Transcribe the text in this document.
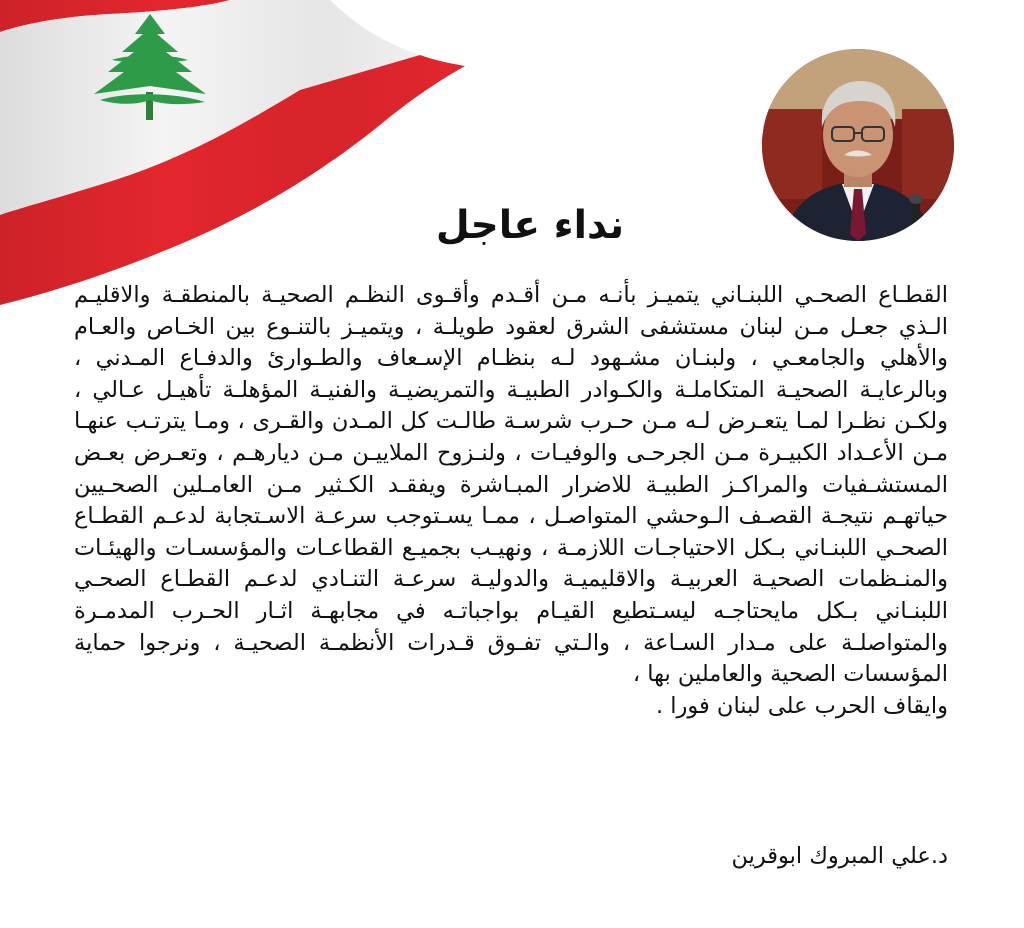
نداء عاجل
القطـاع الصحـي اللبنـاني يتميـز بأنـه مـن أقـدم وأقـوى النظـم الصحيـة بالمنطقـة والاقليـم الـذي جعـل مـن لبنان مستشفى الشرق لعقود طويلـة ، ويتميـز بالتنـوع بين الخـاص والعـام والأهلي والجامعـي ، ولبنـان مشـهود لـه بنظـام الإسـعاف والطـوارئ والدفـاع المـدني ، وبالرعايـة الصحيـة المتكاملـة والكـوادر الطبيـة والتمريضيـة والفنيـة المؤهلـة تأهيـل عـالي ، ولكـن نظـرا لمـا يتعـرض لـه مـن حـرب شرسـة طالـت كل المـدن والقـرى ، ومـا يترتـب عنهـا مـن الأعـداد الكبيـرة مـن الجرحـى والوفيـات ، ولنـزوح الملاييـن مـن ديارهـم ، وتعـرض بعـض المستشـفيات والمراكـز الطبيـة للاضرار المبـاشرة ويفقـد الكـثير مـن العامـلين الصحـيين حياتهـم نتيجـة القصـف الـوحشي المتواصـل ، ممـا يسـتوجب سرعـة الاسـتجابة لدعـم القطـاع الصحـي اللبنـاني بـكل الاحتياجـات اللازمـة ، ونهيـب بجميـع القطاعـات والمؤسسـات والهيئـات والمنـظمات الصحيـة العربيـة والاقليميـة والدوليـة سرعـة التنـادي لدعـم القطـاع الصحـي اللبنـاني بـكل مايحتاجـه ليسـتطيع القيـام بواجباتـه في مجابهـة اثـار الحـرب المدمـرة والمتواصلـة على مـدار السـاعة ، والـتي تفـوق قـدرات الأنظمـة الصحيـة ، ونرجوا حماية المؤسسات الصحية والعاملين بها ،
وايقاف الحرب على لبنان فورا .
د.علي المبروك ابوقرين
